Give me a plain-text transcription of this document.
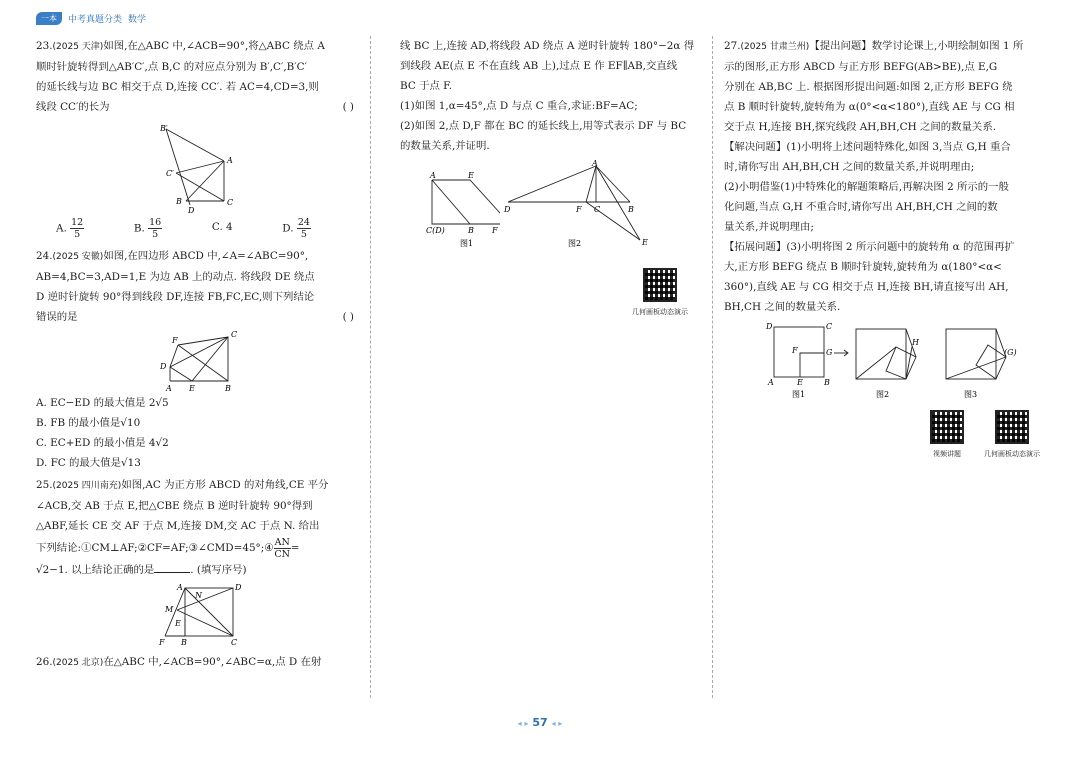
一本	中考真题分类 数学

23.(2025 天津)如图,在△ABC 中,∠ACB=90°,将△ABC 绕点 A

顺时针旋转得到△AB′C′,点 B,C 的对应点分别为 B′,C′,B′C′

的延长线与边 BC 相交于点 D,连接 CC′. 若 AC=4,CD=3,则

线段 CC′的长为	( )

B′
C′
A
B
D
C
A. $\frac{12}{5}$	B. $\frac{16}{5}$	C. 4	D. $\frac{24}{5}$

24.(2025 安徽)如图,在四边形 ABCD 中,∠A=∠ABC=90°,

AB=4,BC=3,AD=1,E 为边 AB 上的动点. 将线段 DE 绕点

D 逆时针旋转 90°得到线段 DF,连接 FB,FC,EC,则下列结论

错误的是	( )

F
C
D
A E	B

A. EC−ED 的最大值是 2√5

B. FB 的最小值是√10

C. EC+ED 的最小值是 4√2

D. FC 的最大值是√13

25.(2025 四川南充)如图,AC 为正方形 ABCD 的对角线,CE 平分

∠ACB,交 AB 于点 E,把△CBE 绕点 B 逆时针旋转 90°得到

△ABF,延长 CE 交 AF 于点 M,连接 DM,交 AC 于点 N. 给出

下列结论:①CM⊥AF;②CF=AF;③∠CMD=45°;④ $\frac{AN}{CN}$ =

√2−1. 以上结论正确的是	. (填写序号)

A
N
D
M
E
F B	C

26.(2025 北京)在△ABC 中,∠ACB=90°,∠ABC=α,点 D 在射

线 BC 上,连接 AD,将线段 AD 绕点 A 逆时针旋转 180°−2α 得

到线段 AE(点 E 不在直线 AB 上),过点 E 作 EF∥AB,交直线

BC 于点 F.

(1)如图 1,α=45°,点 D 与点 C 重合,求证:BF=AC;

(2)如图 2,点 D,F 都在 BC 的延长线上,用等式表示 DF 与 BC

的数量关系,并证明.

A	E
C(D)	B F
图1
A
D	F C	B
E
图2
几何画板动态演示

27.(2025 甘肃兰州)【提出问题】数学讨论课上,小明绘制如图 1 所

示的图形,正方形 ABCD 与正方形 BEFG(AB>BE),点 E,G

分别在 AB,BC 上. 根据图形提出问题:如图 2,正方形 BEFG 绕

点 B 顺时针旋转,旋转角为 α(0°<α<180°),直线 AE 与 CG 相

交于点 H,连接 BH,探究线段 AH,BH,CH 之间的数量关系.

【解决问题】(1)小明将上述问题特殊化,如图 3,当点 G,H 重合

时,请你写出 AH,BH,CH 之间的数量关系,并说明理由;

(2)小明借鉴(1)中特殊化的解题策略后,再解决图 2 所示的一般

化问题,当点 G,H 不重合时,请你写出 AH,BH,CH 之间的数

量关系,并说明理由;

【拓展问题】(3)小明将图 2 所示问题中的旋转角 α 的范围再扩

大,正方形 BEFG 绕点 B 顺时针旋转,旋转角为 α(180°<α<

360°),直线 AE 与 CG 相交于点 H,连接 BH,请直接写出 AH,

BH,CH 之间的数量关系.

D	C
F	G
A	E	B
H
(G)
图1	图2	图3
视频讲题	几何画板动态演示
◂ ▸ 57 ◂ ▸
